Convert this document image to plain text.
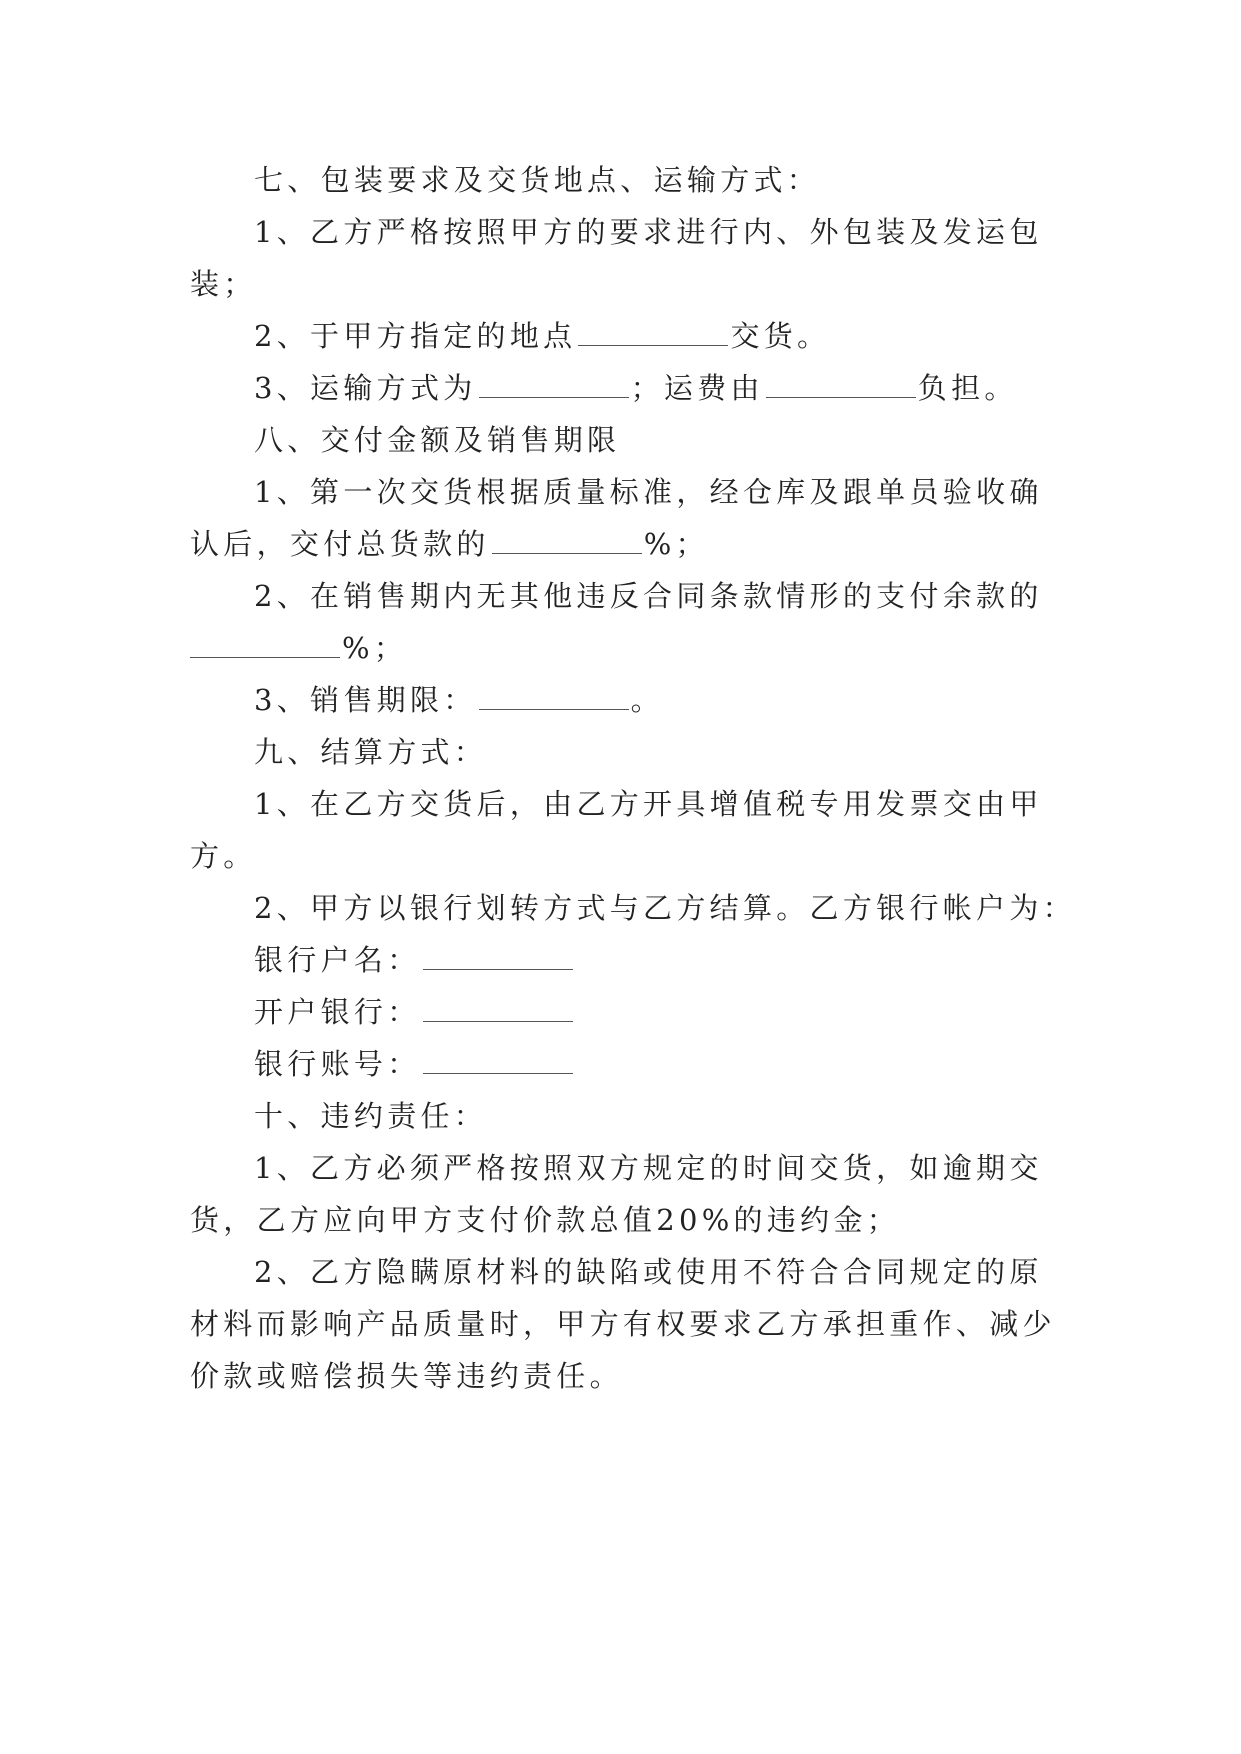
七、包装要求及交货地点、运输方式：
1、乙方严格按照甲方的要求进行内、外包装及发运包
装；
2、于甲方指定的地点	交货。
3、运输方式为	；运费由	负担。
八、交付金额及销售期限
1、第一次交货根据质量标准，经仓库及跟单员验收确
认后，交付总货款的	%；
2、在销售期内无其他违反合同条款情形的支付余款的
%；
3、销售期限：	。
九、结算方式：
1、在乙方交货后，由乙方开具增值税专用发票交由甲
方。
2、甲方以银行划转方式与乙方结算。乙方银行帐户为：
银行户名：
开户银行：
银行账号：
十、违约责任：
1、乙方必须严格按照双方规定的时间交货，如逾期交
货，乙方应向甲方支付价款总值20%的违约金；
2、乙方隐瞒原材料的缺陷或使用不符合合同规定的原
材料而影响产品质量时，甲方有权要求乙方承担重作、减少
价款或赔偿损失等违约责任。
